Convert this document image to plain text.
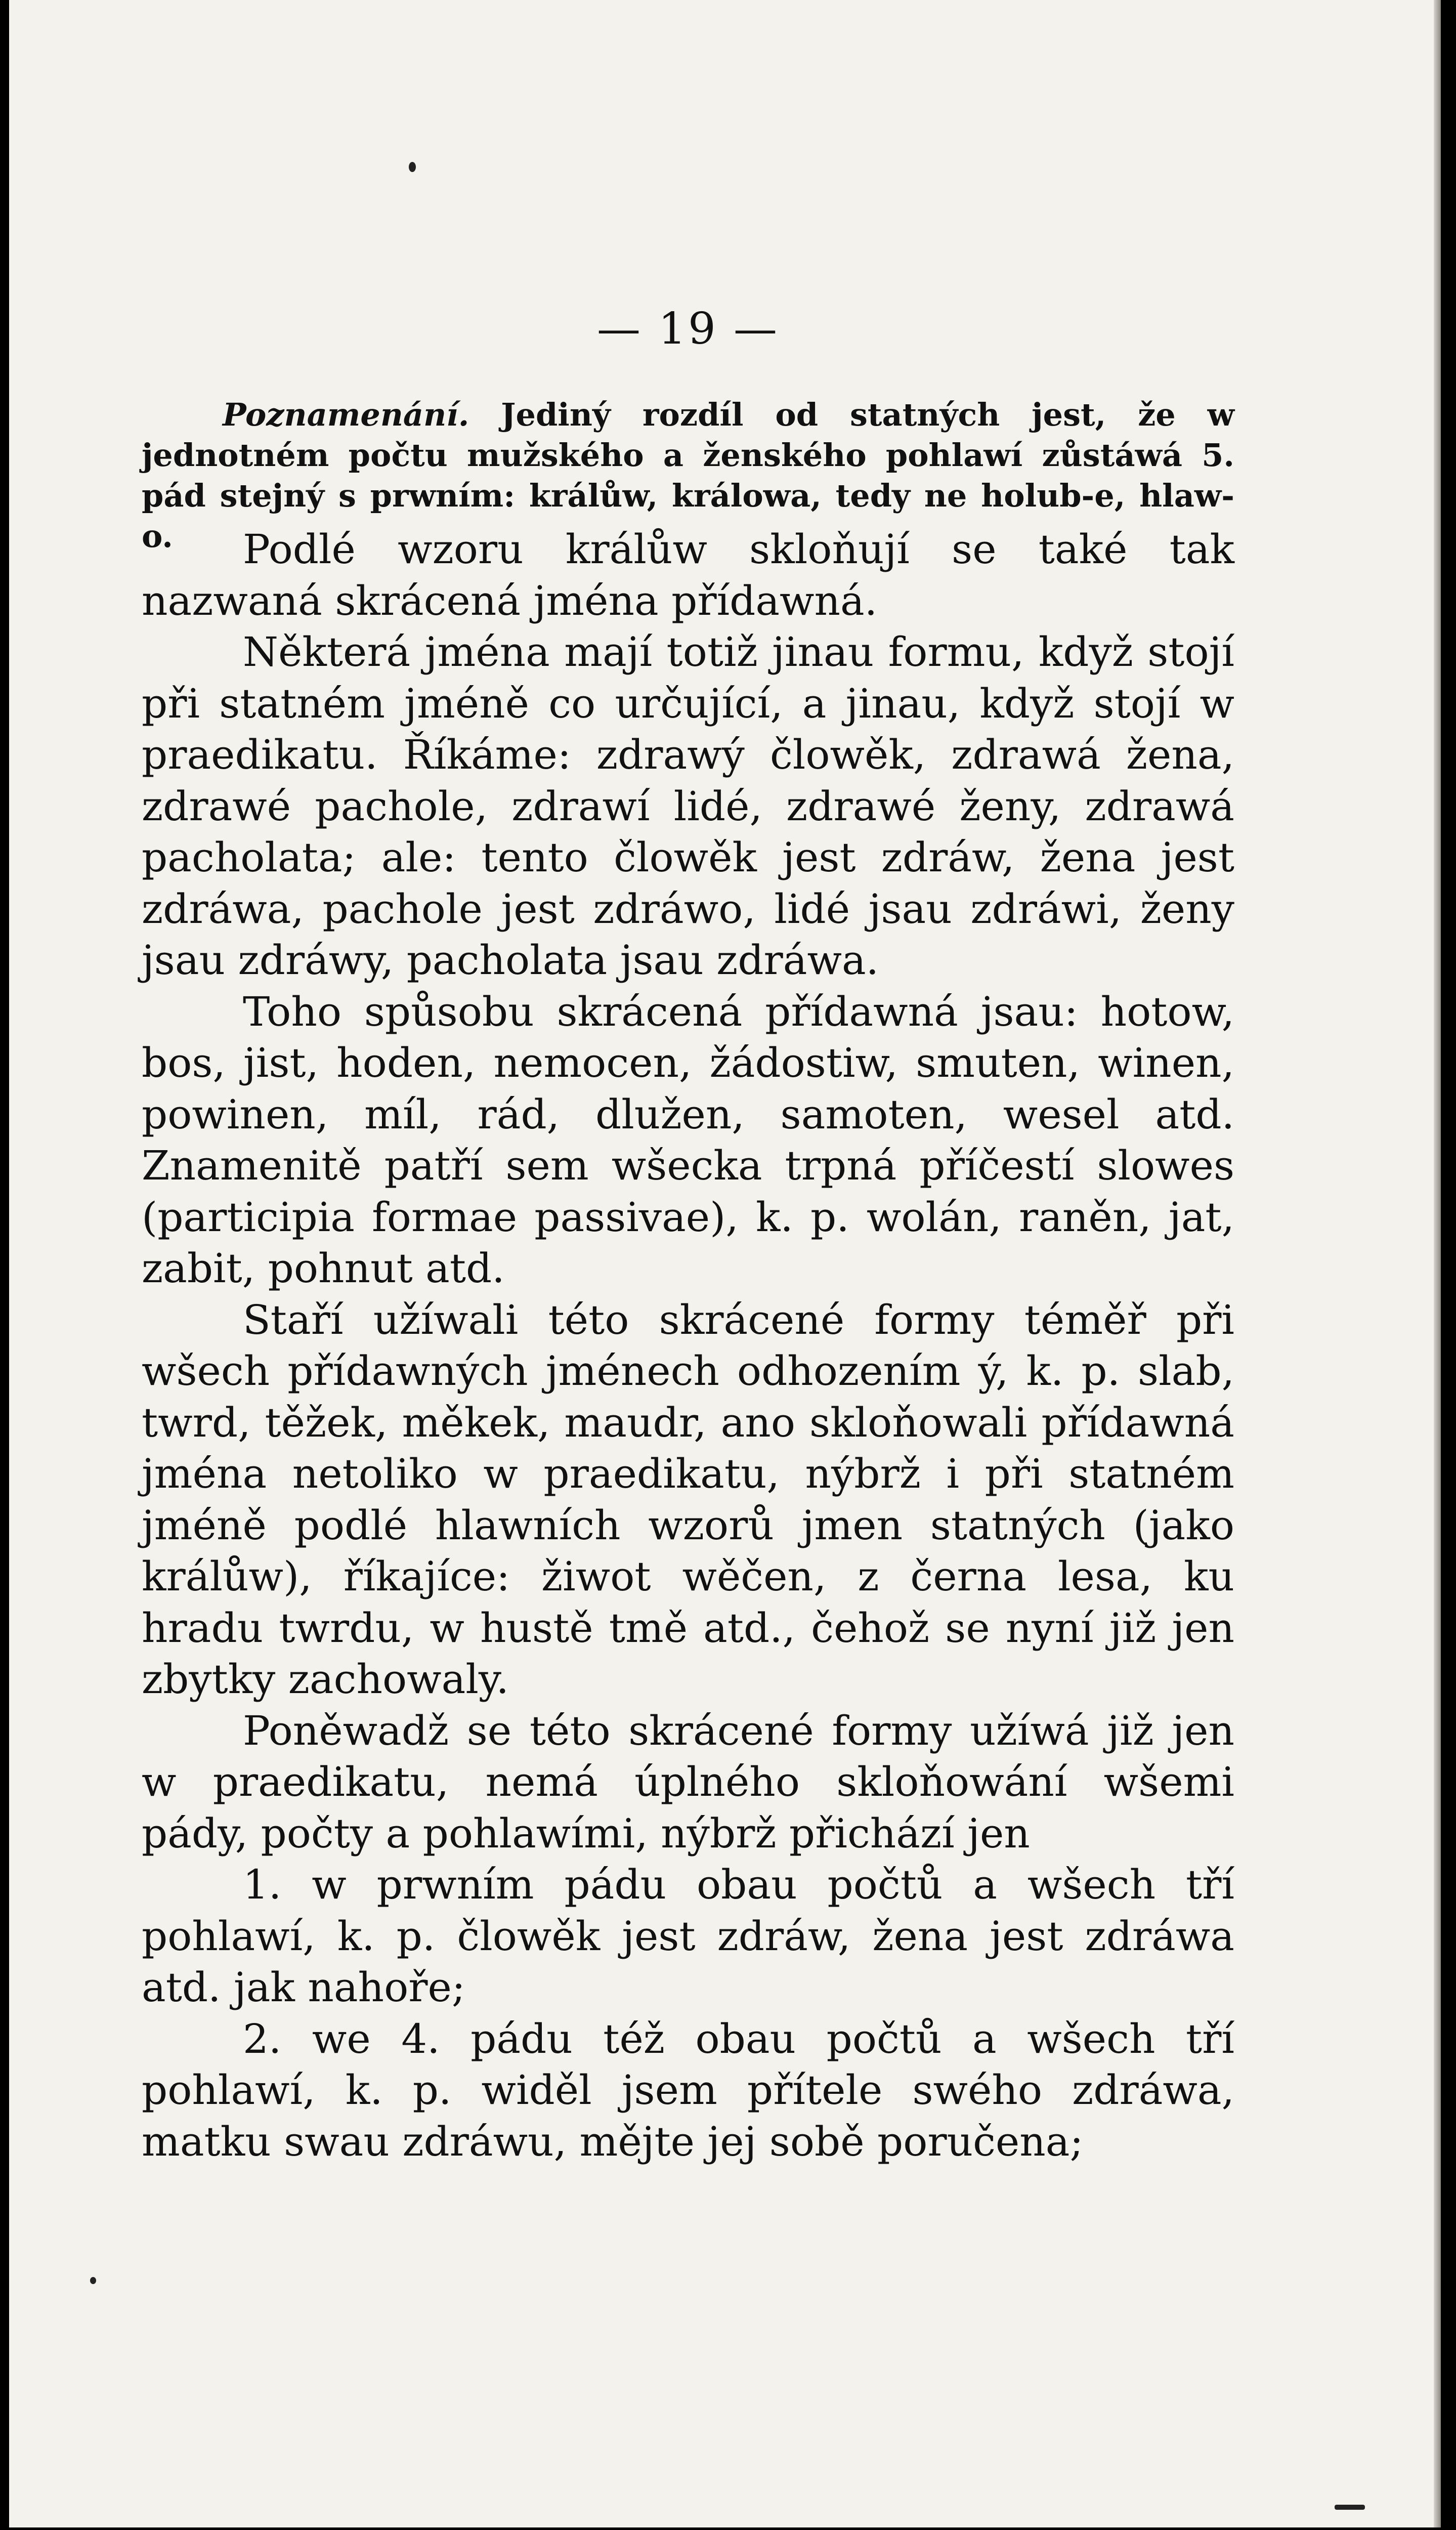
— 19 —

Poznamenání. Jediný rozdíl od statných jest, že w jednotném počtu mužského a ženského pohlawí zůstáwá 5. pád stejný s prwním: králůw, králowa, tedy ne holub-e, hlaw-o.	Podlé wzoru králůw skloňují se také tak nazwaná skrácená jména přídawná.

Některá jména mají totiž jinau formu, když stojí při statném jméně co určující, a jinau, když stojí w praedikatu. Říkáme: zdrawý člowěk, zdrawá žena, zdrawé pachole, zdrawí lidé, zdrawé ženy, zdrawá pacholata; ale: tento člowěk jest zdráw, žena jest zdráwa, pachole jest zdráwo, lidé jsau zdráwi, ženy jsau zdráwy, pacholata jsau zdráwa.

Toho spůsobu skrácená přídawná jsau: hotow, bos, jist, hoden, nemocen, žádostiw, smuten, winen, powinen, míl, rád, dlužen, samoten, wesel atd. Znamenitě patří sem wšecka trpná příčestí slowes (participia formae passivae), k. p. wolán, raněn, jat, zabit, pohnut atd.

Staří užíwali této skrácené formy téměř při wšech přídawných jménech odhozením ý, k. p. slab, twrd, těžek, měkek, maudr, ano skloňowali přídawná jména netoliko w praedikatu, nýbrž i při statném jméně podlé hlawních wzorů jmen statných (jako králůw), říkajíce: žiwot wěčen, z černa lesa, ku hradu twrdu, w hustě tmě atd., čehož se nyní již jen zbytky zachowaly.

Poněwadž se této skrácené formy užíwá již jen w praedikatu, nemá úplného skloňowání wšemi pády, počty a pohlawími, nýbrž přichází jen

1. w prwním pádu obau počtů a wšech tří pohlawí, k. p. člowěk jest zdráw, žena jest zdráwa atd. jak nahoře;

2. we 4. pádu též obau počtů a wšech tří pohlawí, k. p. widěl jsem přítele swého zdráwa, matku swau zdráwu, mějte jej sobě poručena;
